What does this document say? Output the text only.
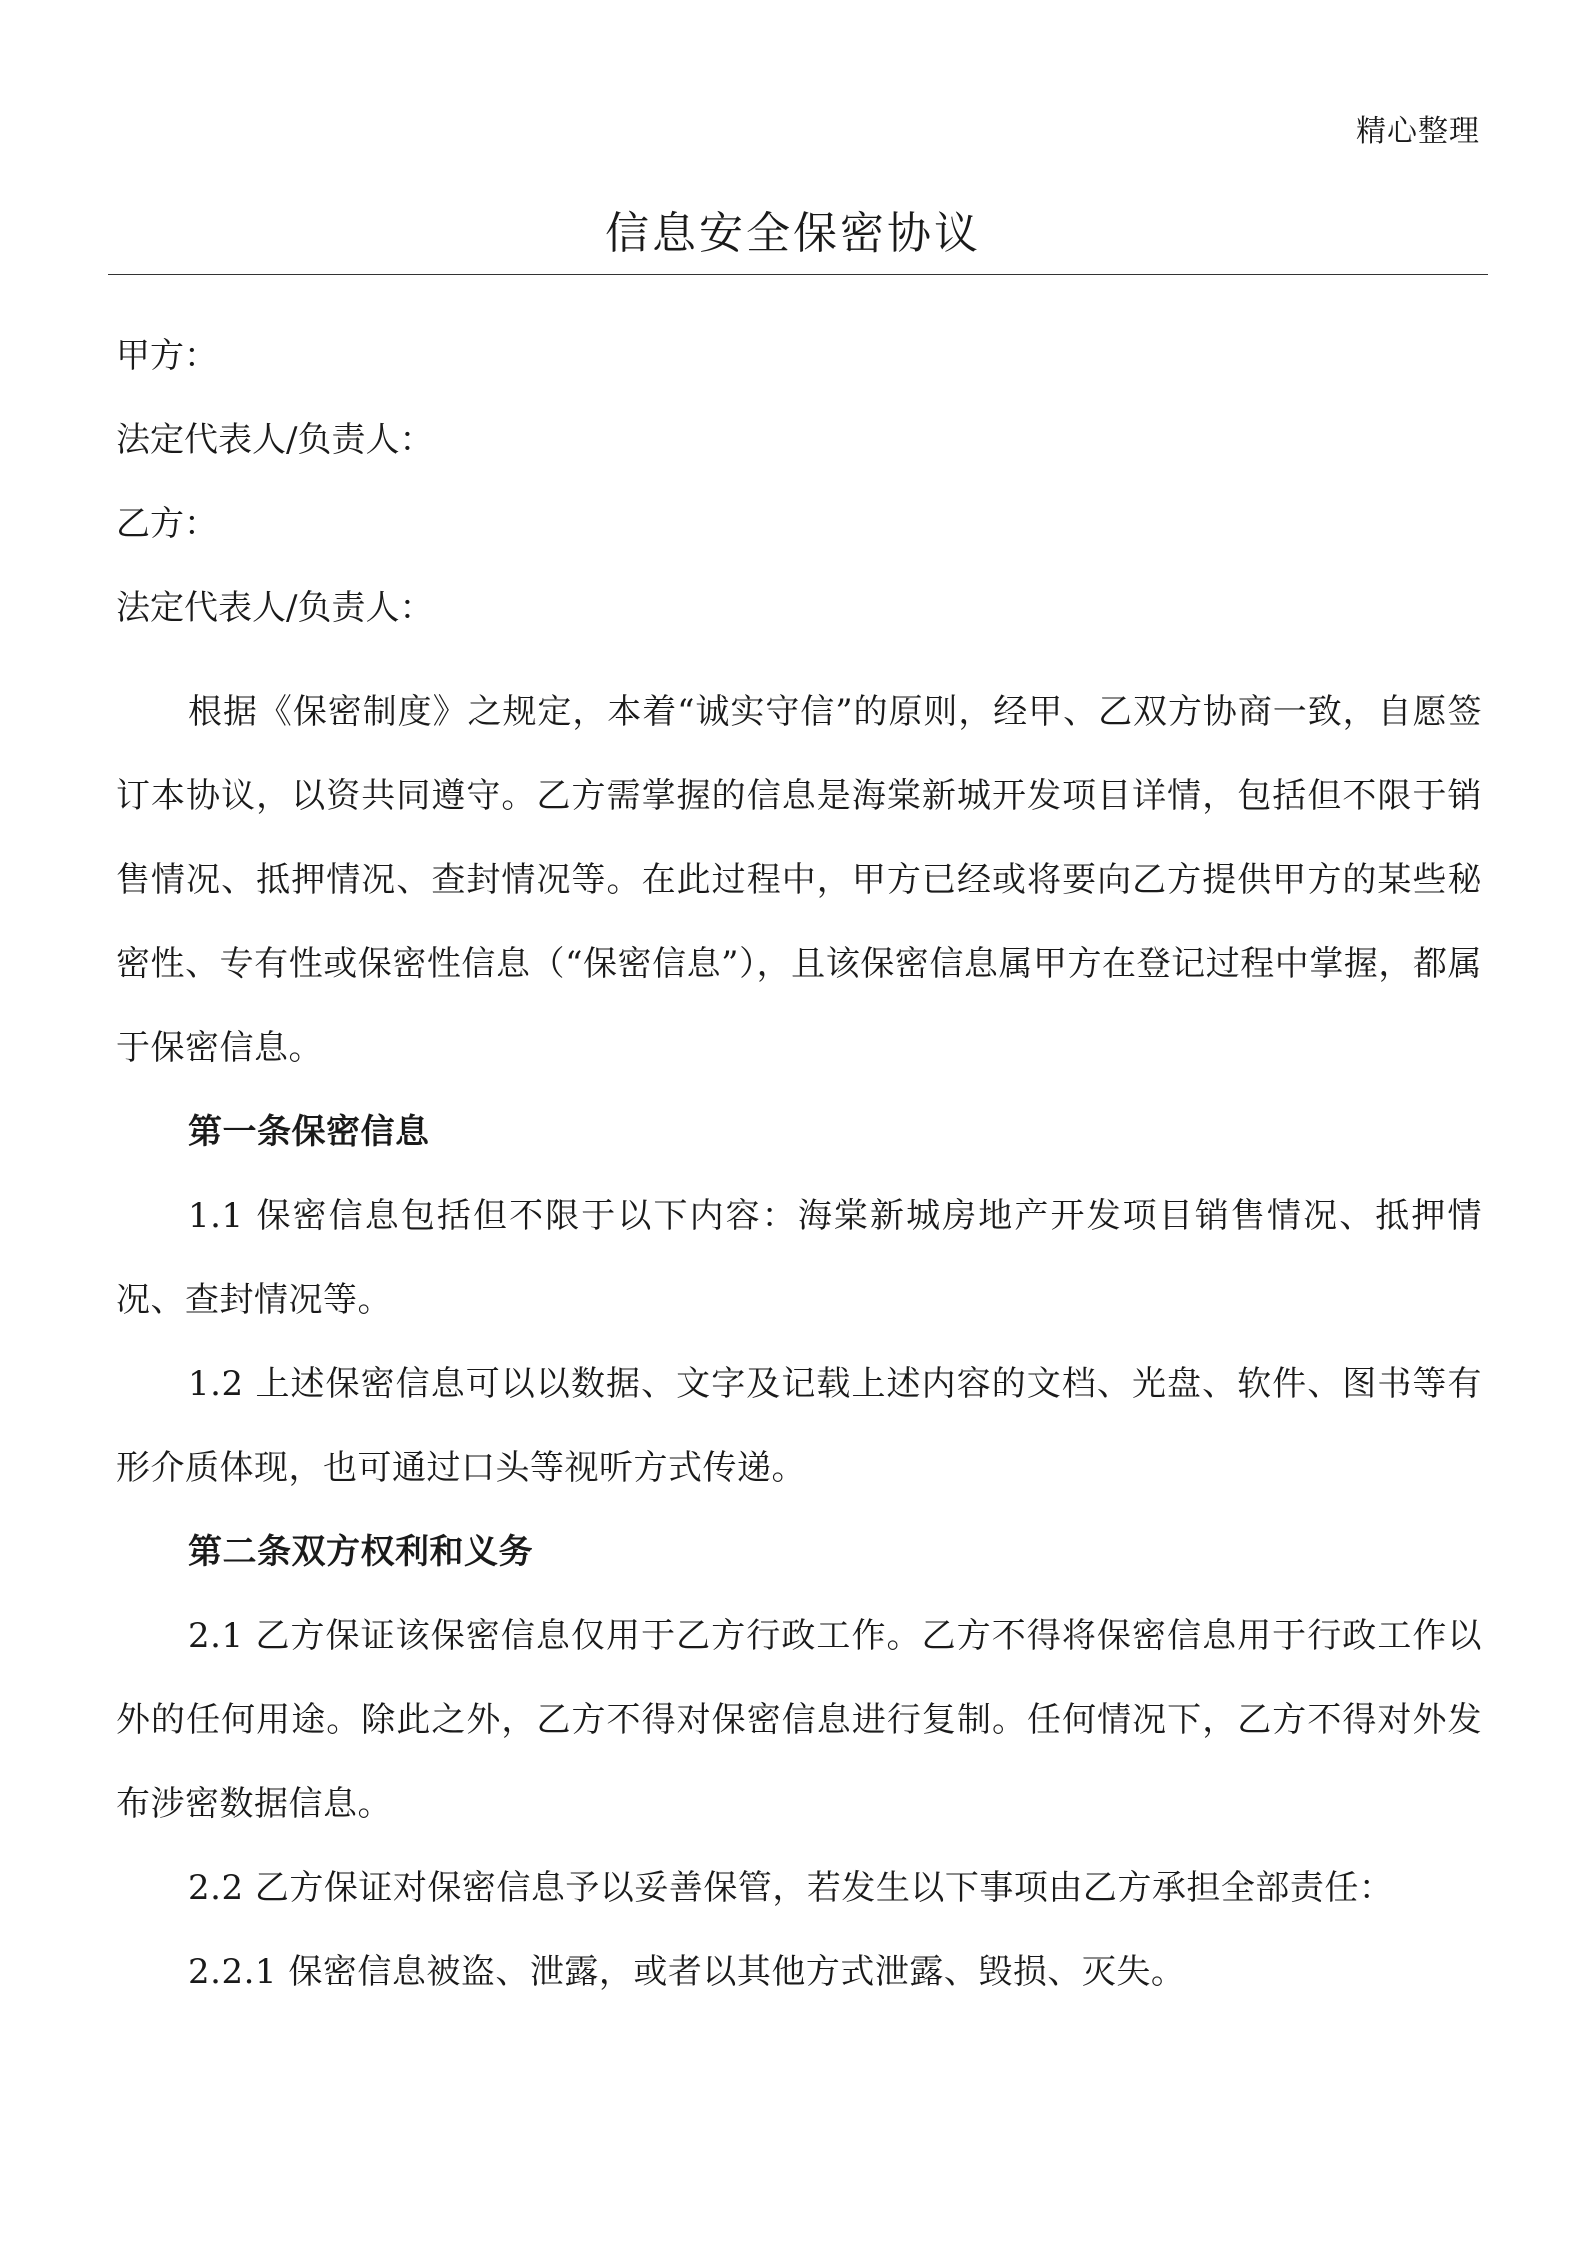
精心整理
信息安全保密协议

甲方：

法定代表人/负责人：

乙方：

法定代表人/负责人：

根据《保密制度》之规定，本着“诚实守信”的原则，经甲、乙双方协商一致，自愿签订本协议，以资共同遵守。乙方需掌握的信息是海棠新城开发项目详情，包括但不限于销售情况、抵押情况、查封情况等。在此过程中，甲方已经或将要向乙方提供甲方的某些秘密性、专有性或保密性信息（“保密信息”），且该保密信息属甲方在登记过程中掌握，都属于保密信息。

第一条保密信息

1.1 保密信息包括但不限于以下内容：海棠新城房地产开发项目销售情况、抵押情况、查封情况等。

1.2 上述保密信息可以以数据、文字及记载上述内容的文档、光盘、软件、图书等有形介质体现，也可通过口头等视听方式传递。

第二条双方权利和义务

2.1 乙方保证该保密信息仅用于乙方行政工作。乙方不得将保密信息用于行政工作以外的任何用途。除此之外，乙方不得对保密信息进行复制。任何情况下，乙方不得对外发布涉密数据信息。

2.2 乙方保证对保密信息予以妥善保管，若发生以下事项由乙方承担全部责任：

2.2.1 保密信息被盗、泄露，或者以其他方式泄露、毁损、灭失。
